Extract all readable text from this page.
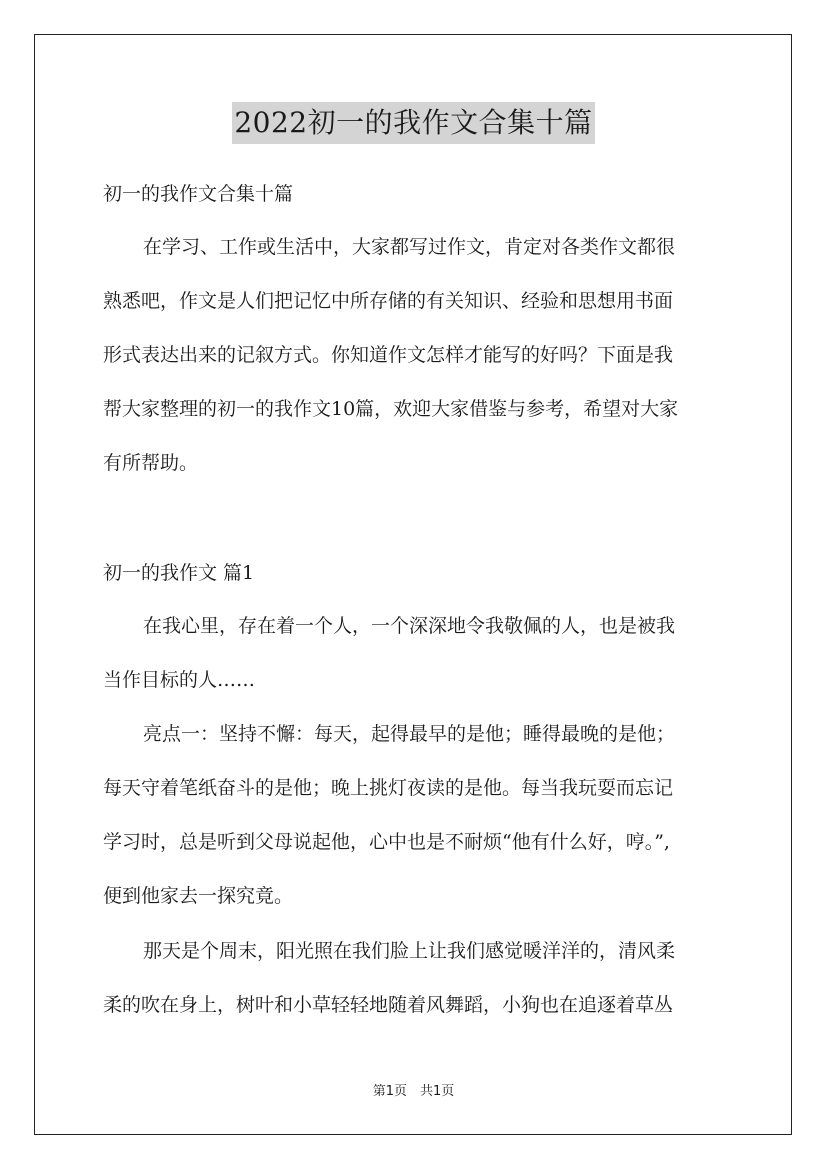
2022初一的我作文合集十篇

初一的我作文合集十篇

在学习、工作或生活中，大家都写过作文，肯定对各类作文都很

熟悉吧，作文是人们把记忆中所存储的有关知识、经验和思想用书面

形式表达出来的记叙方式。你知道作文怎样才能写的好吗？下面是我

帮大家整理的初一的我作文10篇，欢迎大家借鉴与参考，希望对大家

有所帮助。

初一的我作文 篇1

在我心里，存在着一个人，一个深深地令我敬佩的人，也是被我

当作目标的人……

亮点一：坚持不懈：每天，起得最早的是他；睡得最晚的是他；

每天守着笔纸奋斗的是他；晚上挑灯夜读的是他。每当我玩耍而忘记

学习时，总是听到父母说起他，心中也是不耐烦“他有什么好，哼。”,

便到他家去一探究竟。

那天是个周末，阳光照在我们脸上让我们感觉暖洋洋的，清风柔

柔的吹在身上，树叶和小草轻轻地随着风舞蹈，小狗也在追逐着草丛

第1页　共1页
